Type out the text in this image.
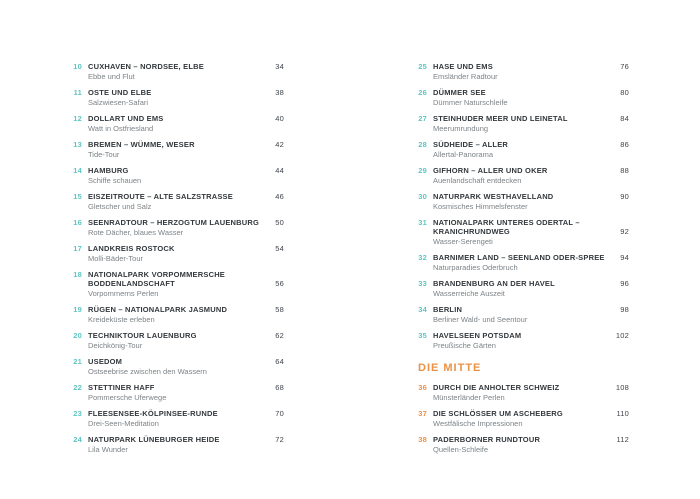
10 CUXHAVEN – NORDSEE, ELBE	34
Ebbe und Flut
11 OSTE UND ELBE	38
Salzwiesen-Safari
12 DOLLART UND EMS	40
Watt in Ostfriesland
13 BREMEN – WÜMME, WESER	42
Tide-Tour
14 HAMBURG	44
Schiffe schauen
15 EISZEITROUTE – ALTE SALZSTRASSE	46
Gletscher und Salz
16 SEENRADTOUR – HERZOGTUM LAUENBURG	50
Rote Dächer, blaues Wasser
17 LANDKREIS ROSTOCK	54
Molli-Bäder-Tour
18 NATIONALPARK VORPOMMERSCHE
BODDENLANDSCHAFT	56
Vorpommerns Perlen
19 RÜGEN – NATIONALPARK JASMUND	58
Kreideküste erleben
20 TECHNIKTOUR LAUENBURG	62
Deichkönig-Tour
21 USEDOM	64
Ostseebrise zwischen den Wassern
22 STETTINER HAFF	68
Pommersche Uferwege
23 FLEESENSEE-KÖLPINSEE-RUNDE	70
Drei-Seen-Meditation
24 NATURPARK LÜNEBURGER HEIDE	72
Lila Wunder
25 HASE UND EMS	76
Emsländer Radtour
26 DÜMMER SEE	80
Dümmer Naturschleife
27 STEINHUDER MEER UND LEINETAL	84
Meerumrundung
28 SÜDHEIDE – ALLER	86
Allertal-Panorama
29 GIFHORN – ALLER UND OKER	88
Auenlandschaft entdecken
30 NATURPARK WESTHAVELLAND	90
Kosmisches Himmelsfenster
31 NATIONALPARK UNTERES ODERTAL –
KRANICHRUNDWEG	92
Wasser-Serengeti
32 BARNIMER LAND – SEENLAND ODER-SPREE	94
Naturparadies Oderbruch
33 BRANDENBURG AN DER HAVEL	96
Wasserreiche Auszeit
34 BERLIN	98
Berliner Wald- und Seentour
35 HAVELSEEN POTSDAM	102
Preußische Gärten
DIE MITTE
36 DURCH DIE ANHOLTER SCHWEIZ	108
Münsterländer Perlen
37 DIE SCHLÖSSER UM ASCHEBERG	110
Westfälische Impressionen
38 PADERBORNER RUNDTOUR	112
Quellen-Schleife
